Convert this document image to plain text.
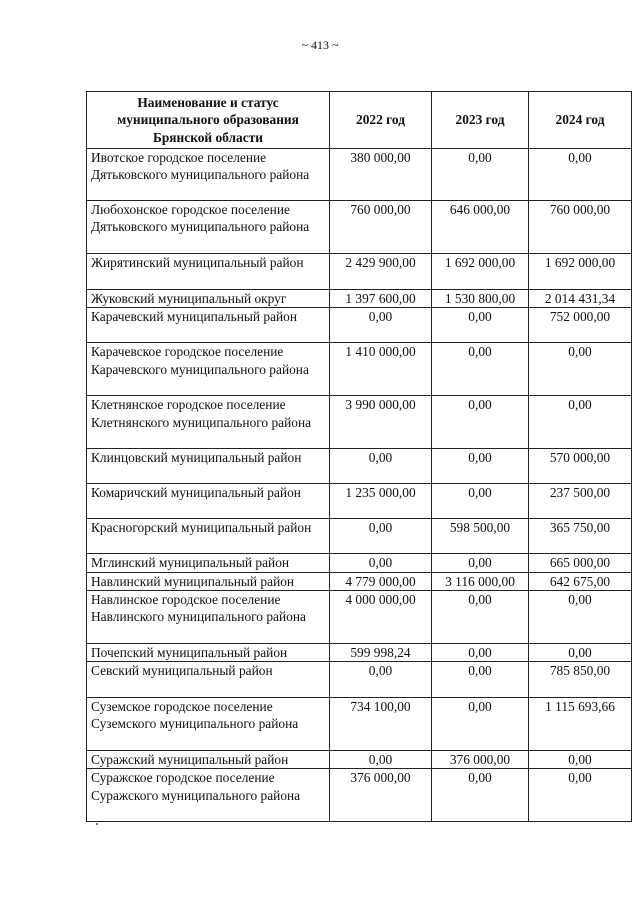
~ 413 ~
Наименование и статус муниципального образования Брянской области	2022 год	2023 год	2024 год
Ивотское городское поселение Дятьковского муниципального района	380 000,00	0,00	0,00
Любохонское городское поселение Дятьковского муниципального района	760 000,00	646 000,00	760 000,00
Жирятинский муниципальный район	2 429 900,00	1 692 000,00	1 692 000,00
Жуковский муниципальный округ	1 397 600,00	1 530 800,00	2 014 431,34
Карачевский муниципальный район	0,00	0,00	752 000,00
Карачевское городское поселение Карачевского муниципального района	1 410 000,00	0,00	0,00
Клетнянское городское поселение Клетнянского муниципального района	3 990 000,00	0,00	0,00
Клинцовский муниципальный район	0,00	0,00	570 000,00
Комаричский муниципальный район	1 235 000,00	0,00	237 500,00
Красногорский муниципальный район	0,00	598 500,00	365 750,00
Мглинский муниципальный район	0,00	0,00	665 000,00
Навлинский муниципальный район	4 779 000,00	3 116 000,00	642 675,00
Навлинское городское поселение Навлинского муниципального района	4 000 000,00	0,00	0,00
Почепский муниципальный район	599 998,24	0,00	0,00
Севский муниципальный район	0,00	0,00	785 850,00
Суземское городское поселение Суземского муниципального района	734 100,00	0,00	1 115 693,66
Суражский муниципальный район	0,00	376 000,00	0,00
Суражское городское поселение Суражского муниципального района	376 000,00	0,00	0,00
